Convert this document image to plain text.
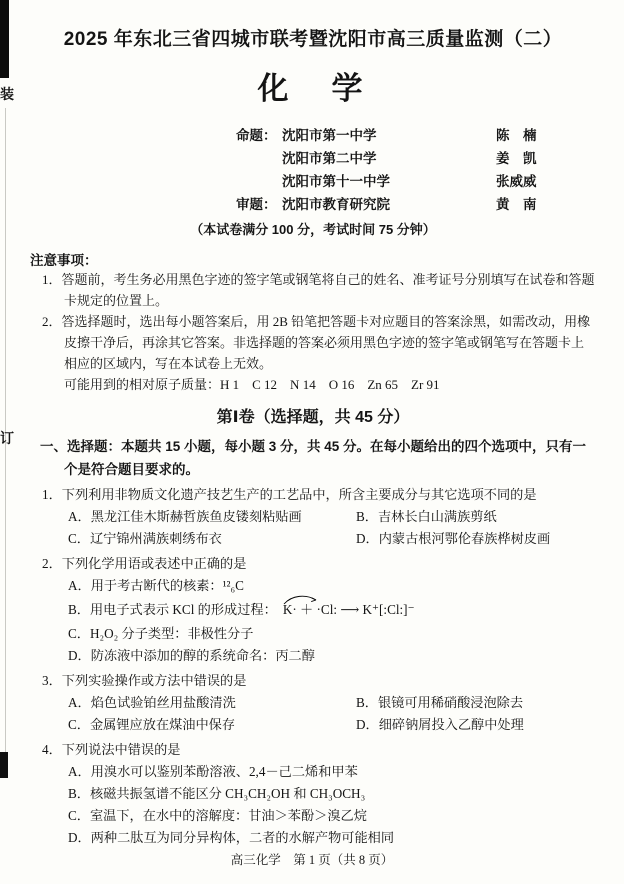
装
订
2025 年东北三省四城市联考暨沈阳市高三质量监测（二）
化　学
命题： 沈阳市第一中学	陈　楠
沈阳市第二中学	姜　凯
沈阳市第十一中学	张威威
审题： 沈阳市教育研究院	黄　南
（本试卷满分 100 分，考试时间 75 分钟）
注意事项：
1．答题前，考生务必用黑色字迹的签字笔或钢笔将自己的姓名、准考证号分别填写在试卷和答题卡规定的位置上。
2．答选择题时，选出每小题答案后，用 2B 铅笔把答题卡对应题目的答案涂黑，如需改动，用橡皮擦干净后，再涂其它答案。非选择题的答案必须用黑色字迹的签字笔或钢笔写在答题卡上相应的区域内，写在本试卷上无效。
可能用到的相对原子质量：H 1　C 12　N 14　O 16　Zn 65　Zr 91
第Ⅰ卷（选择题，共 45 分）
一、选择题：本题共 15 小题，每小题 3 分，共 45 分。在每小题给出的四个选项中，只有一个是符合题目要求的。
1．下列利用非物质文化遗产技艺生产的工艺品中，所含主要成分与其它选项不同的是
A．黑龙江佳木斯赫哲族鱼皮镂刻粘贴画	B．吉林长白山满族剪纸
C．辽宁锦州满族刺绣布衣	D．内蒙古根河鄂伦春族桦树皮画
2．下列化学用语或表述中正确的是
A．用于考古断代的核素：¹²₆C
B．用电子式表示 KCl 的形成过程： K· ＋ ·Cl: ⟶ K⁺[:Cl:]⁻
C．H₂O₂ 分子类型：非极性分子
D．防冻液中添加的醇的系统命名：丙二醇
3．下列实验操作或方法中错误的是
A．焰色试验铂丝用盐酸清洗	B．银镜可用稀硝酸浸泡除去
C．金属锂应放在煤油中保存	D．细碎钠屑投入乙醇中处理
4．下列说法中错误的是
A．用溴水可以鉴别苯酚溶液、2,4－己二烯和甲苯
B．核磁共振氢谱不能区分 CH₃CH₂OH 和 CH₃OCH₃
C．室温下，在水中的溶解度：甘油＞苯酚＞溴乙烷
D．两种二肽互为同分异构体，二者的水解产物可能相同
高三化学　第 1 页（共 8 页）
